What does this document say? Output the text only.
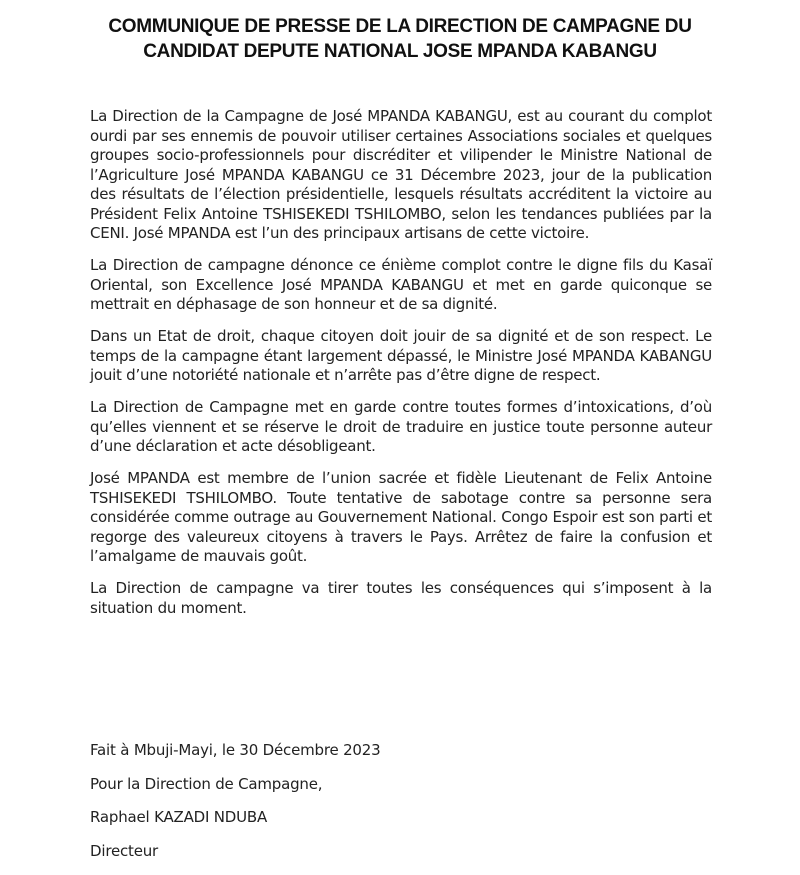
COMMUNIQUE DE PRESSE DE LA DIRECTION DE CAMPAGNE DU
CANDIDAT DEPUTE NATIONAL JOSE MPANDA KABANGU

La Direction de la Campagne de José MPANDA KABANGU, est au courant du complot ourdi par ses ennemis de pouvoir utiliser certaines Associations sociales et quelques groupes socio-professionnels pour discréditer et vilipender le Ministre National de l’Agriculture José MPANDA KABANGU ce 31 Décembre 2023, jour de la publication des résultats de l’élection présidentielle, lesquels résultats accréditent la victoire au Président Felix Antoine TSHISEKEDI TSHILOMBO, selon les tendances publiées par la CENI. José MPANDA est l’un des principaux artisans de cette victoire.

La Direction de campagne dénonce ce énième complot contre le digne fils du Kasaï Oriental, son Excellence José MPANDA KABANGU et met en garde quiconque se mettrait en déphasage de son honneur et de sa dignité.

Dans un Etat de droit, chaque citoyen doit jouir de sa dignité et de son respect. Le temps de la campagne étant largement dépassé, le Ministre José MPANDA KABANGU jouit d’une notoriété nationale et n’arrête pas d’être digne de respect.

La Direction de Campagne met en garde contre toutes formes d’intoxications, d’où qu’elles viennent et se réserve le droit de traduire en justice toute personne auteur d’une déclaration et acte désobligeant.

José MPANDA est membre de l’union sacrée et fidèle Lieutenant de Felix Antoine TSHISEKEDI TSHILOMBO. Toute tentative de sabotage contre sa personne sera considérée comme outrage au Gouvernement National. Congo Espoir est son parti et regorge des valeureux citoyens à travers le Pays. Arrêtez de faire la confusion et l’amalgame de mauvais goût.

La Direction de campagne va tirer toutes les conséquences qui s’imposent à la situation du moment.

Fait à Mbuji-Mayi, le 30 Décembre 2023
Pour la Direction de Campagne,
Raphael KAZADI NDUBA
Directeur
